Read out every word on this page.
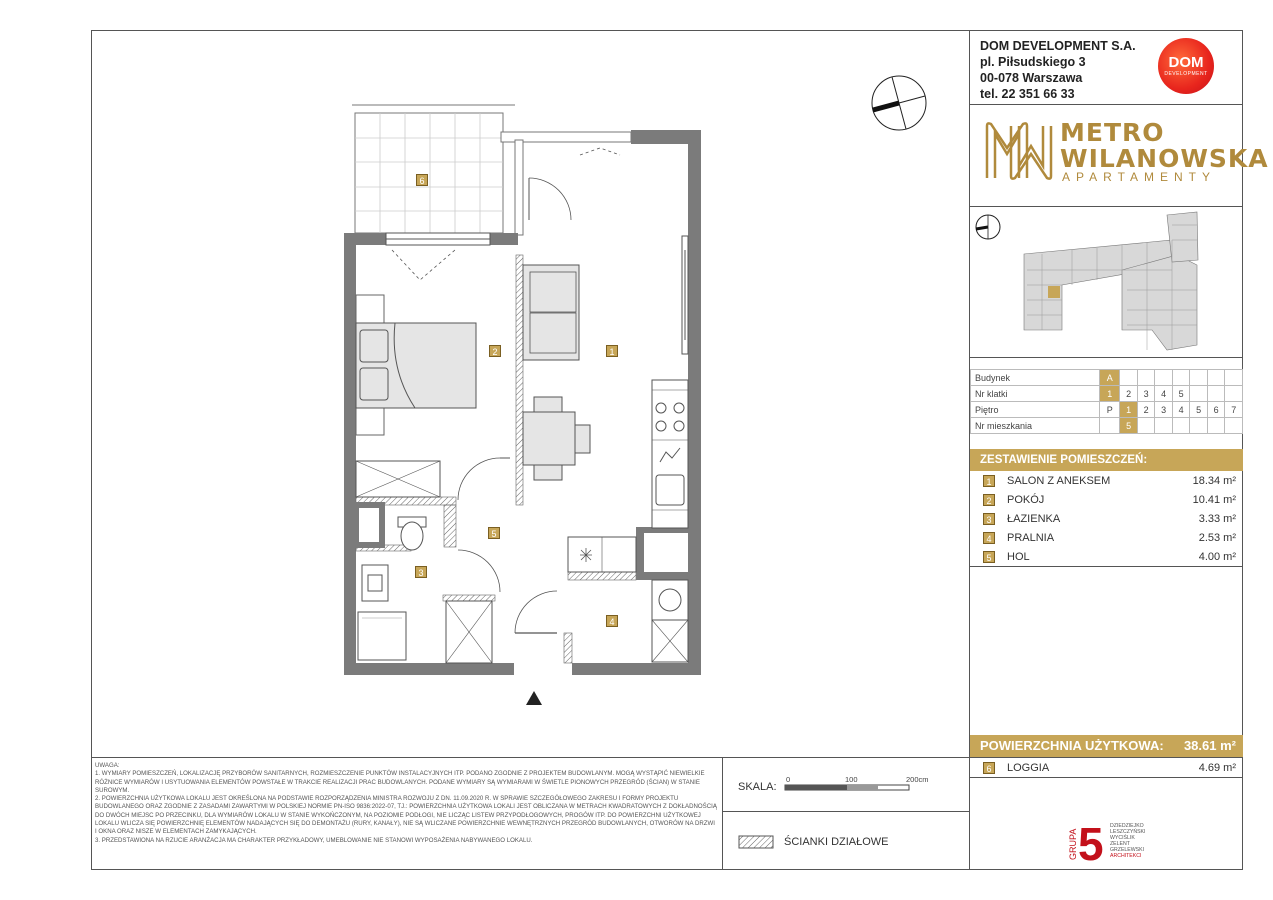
DOM DEVELOPMENT S.A.
pl. Piłsudskiego 3
00-078 Warszawa
tel. 22 351 66 33
DOM
DEVELOPMENT
METRO
WILANOWSKA
APARTAMENTY
Budynek	A							
Nr klatki	1	2	3	4	5			
Piętro	P	1	2	3	4	5	6	7
Nr mieszkania		5						
ZESTAWIENIE POMIESZCZEŃ:
1	SALON Z ANEKSEM	18.34 m²
2	POKÓJ	10.41 m²
3	ŁAZIENKA	3.33 m²
4	PRALNIA	2.53 m²
5	HOL	4.00 m²
POWIERZCHNIA UŻYTKOWA: 38.61 m²
6	LOGGIA	4.69 m²
1
2
3
4
5
6

UWAGA:

1. WYMIARY POMIESZCZEŃ, LOKALIZACJĘ PRZYBORÓW SANITARNYCH, ROZMIESZCZENIE PUNKTÓW INSTALACYJNYCH ITP. PODANO ZGODNIE Z PROJEKTEM BUDOWLANYM. MOGĄ WYSTĄPIĆ NIEWIELKIE RÓŻNICE WYMIARÓW I USYTUOWANIA ELEMENTÓW POWSTAŁE W TRAKCIE REALIZACJI PRAC BUDOWLANYCH. PODANE WYMIARY SĄ WYMIARAMI W ŚWIETLE PIONOWYCH PRZEGRÓD (ŚCIAN) W STANIE SUROWYM.

2. POWIERZCHNIA UŻYTKOWA LOKALU JEST OKREŚLONA NA PODSTAWIE ROZPORZĄDZENIA MINISTRA ROZWOJU Z DN. 11.09.2020 R. W SPRAWIE SZCZEGÓŁOWEGO ZAKRESU I FORMY PROJEKTU BUDOWLANEGO ORAZ ZGODNIE Z ZASADAMI ZAWARTYMI W POLSKIEJ NORMIE PN-ISO 9836:2022-07, TJ.: POWIERZCHNIA UŻYTKOWA LOKALI JEST OBLICZANA W METRACH KWADRATOWYCH Z DOKŁADNOŚCIĄ DO DWÓCH MIEJSC PO PRZECINKU, DLA WYMIARÓW LOKALU W STANIE WYKOŃCZONYM, NA POZIOMIE PODŁOGI, NIE LICZĄC LISTEW PRZYPODŁOGOWYCH, PROGÓW ITP. DO POWIERZCHNI UŻYTKOWEJ LOKALU WLICZA SIĘ POWIERZCHNIĘ ELEMENTÓW NADAJĄCYCH SIĘ DO DEMONTAŻU (RURY, KANAŁY), NIE SĄ WLICZANE POWIERZCHNIE WEWNĘTRZNYCH PRZEGRÓD BUDOWLANYCH, OTWORÓW NA DRZWI I OKNA ORAZ NISZE W ELEMENTACH ZAMYKAJĄCYCH.

3. PRZEDSTAWIONA NA RZUCIE ARANŻACJA MA CHARAKTER PRZYKŁADOWY, UMEBLOWANIE NIE STANOWI WYPOSAŻENIA NABYWANEGO LOKALU.

SKALA:
0	100	200cm
ŚCIANKI DZIAŁOWE	GRUPA 5 DZIEDZIEJKO
LESZCZYŃSKI
WYCIŚLIK
ZELENT
GRZELEWSKI
ARCHITEKCI
